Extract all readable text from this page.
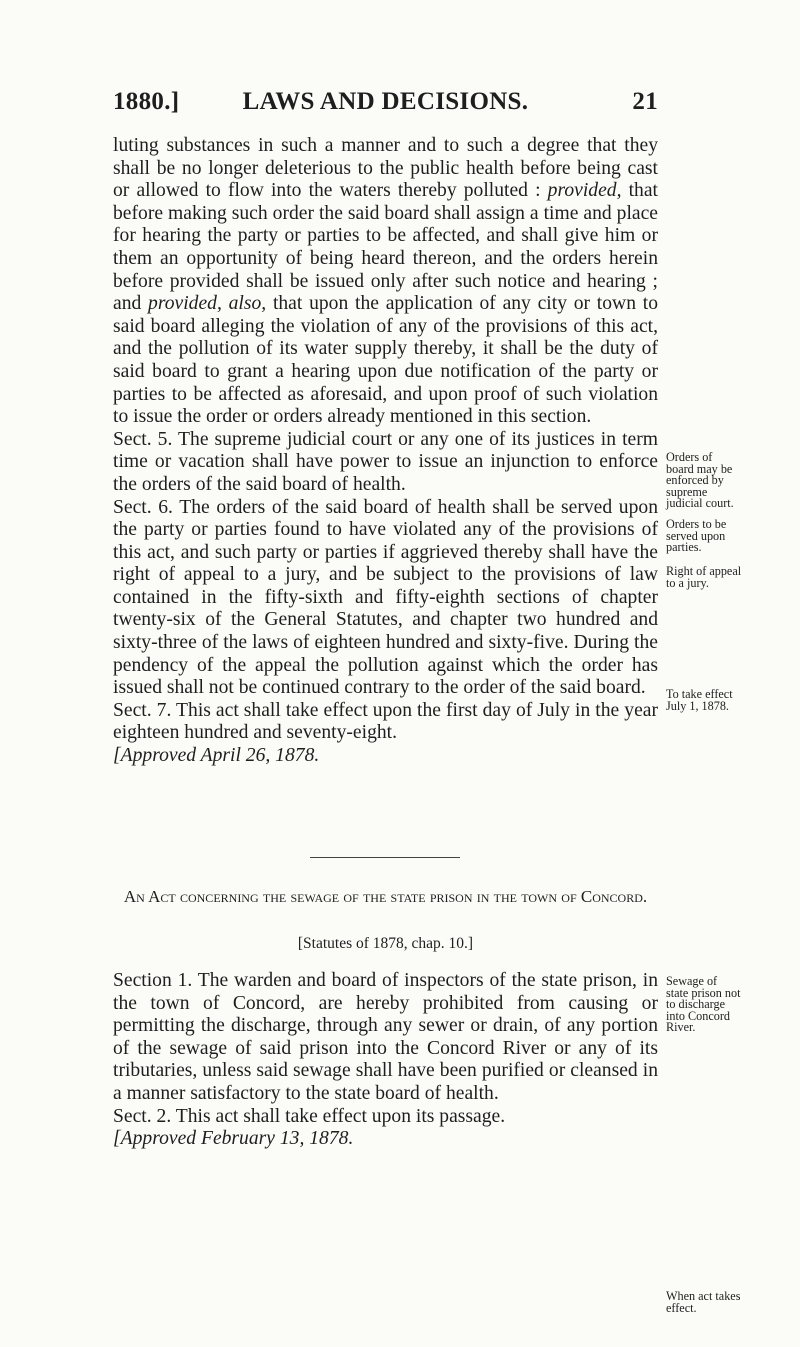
1880.]	LAWS AND DECISIONS.	21

luting substances in such a manner and to such a degree that they shall be no longer deleterious to the public health before being cast or allowed to flow into the waters thereby polluted : provided, that before making such order the said board shall assign a time and place for hearing the party or parties to be affected, and shall give him or them an opportunity of being heard thereon, and the orders herein before provided shall be issued only after such notice and hearing ; and provided, also, that upon the application of any city or town to said board alleging the violation of any of the provisions of this act, and the pollution of its water supply thereby, it shall be the duty of said board to grant a hearing upon due notification of the party or parties to be affected as aforesaid, and upon proof of such violation to issue the order or orders already mentioned in this section.

Sect. 5. The supreme judicial court or any one of its justices in term time or vacation shall have power to issue an injunction to enforce the orders of the said board of health.

Sect. 6. The orders of the said board of health shall be served upon the party or parties found to have violated any of the provisions of this act, and such party or parties if aggrieved thereby shall have the right of appeal to a jury, and be subject to the provisions of law contained in the fifty-sixth and fifty-eighth sections of chapter twenty-six of the General Statutes, and chapter two hundred and sixty-three of the laws of eighteen hundred and sixty-five. During the pendency of the appeal the pollution against which the order has issued shall not be continued contrary to the order of the said board.

Sect. 7. This act shall take effect upon the first day of July in the year eighteen hundred and seventy-eight.
[Approved April 26, 1878.

Orders of board may be enforced by supreme judicial court.
Orders to be served upon parties.
Right of appeal to a jury.
To take effect July 1, 1878.
Sewage of state prison not to discharge into Concord River.
When act takes effect.
An Act concerning the sewage of the state prison in the town of Concord.
[Statutes of 1878, chap. 10.]

Section 1. The warden and board of inspectors of the state prison, in the town of Concord, are hereby prohibited from causing or permitting the discharge, through any sewer or drain, of any portion of the sewage of said prison into the Concord River or any of its tributaries, unless said sewage shall have been purified or cleansed in a manner satisfactory to the state board of health.

Sect. 2. This act shall take effect upon its passage.
[Approved February 13, 1878.
